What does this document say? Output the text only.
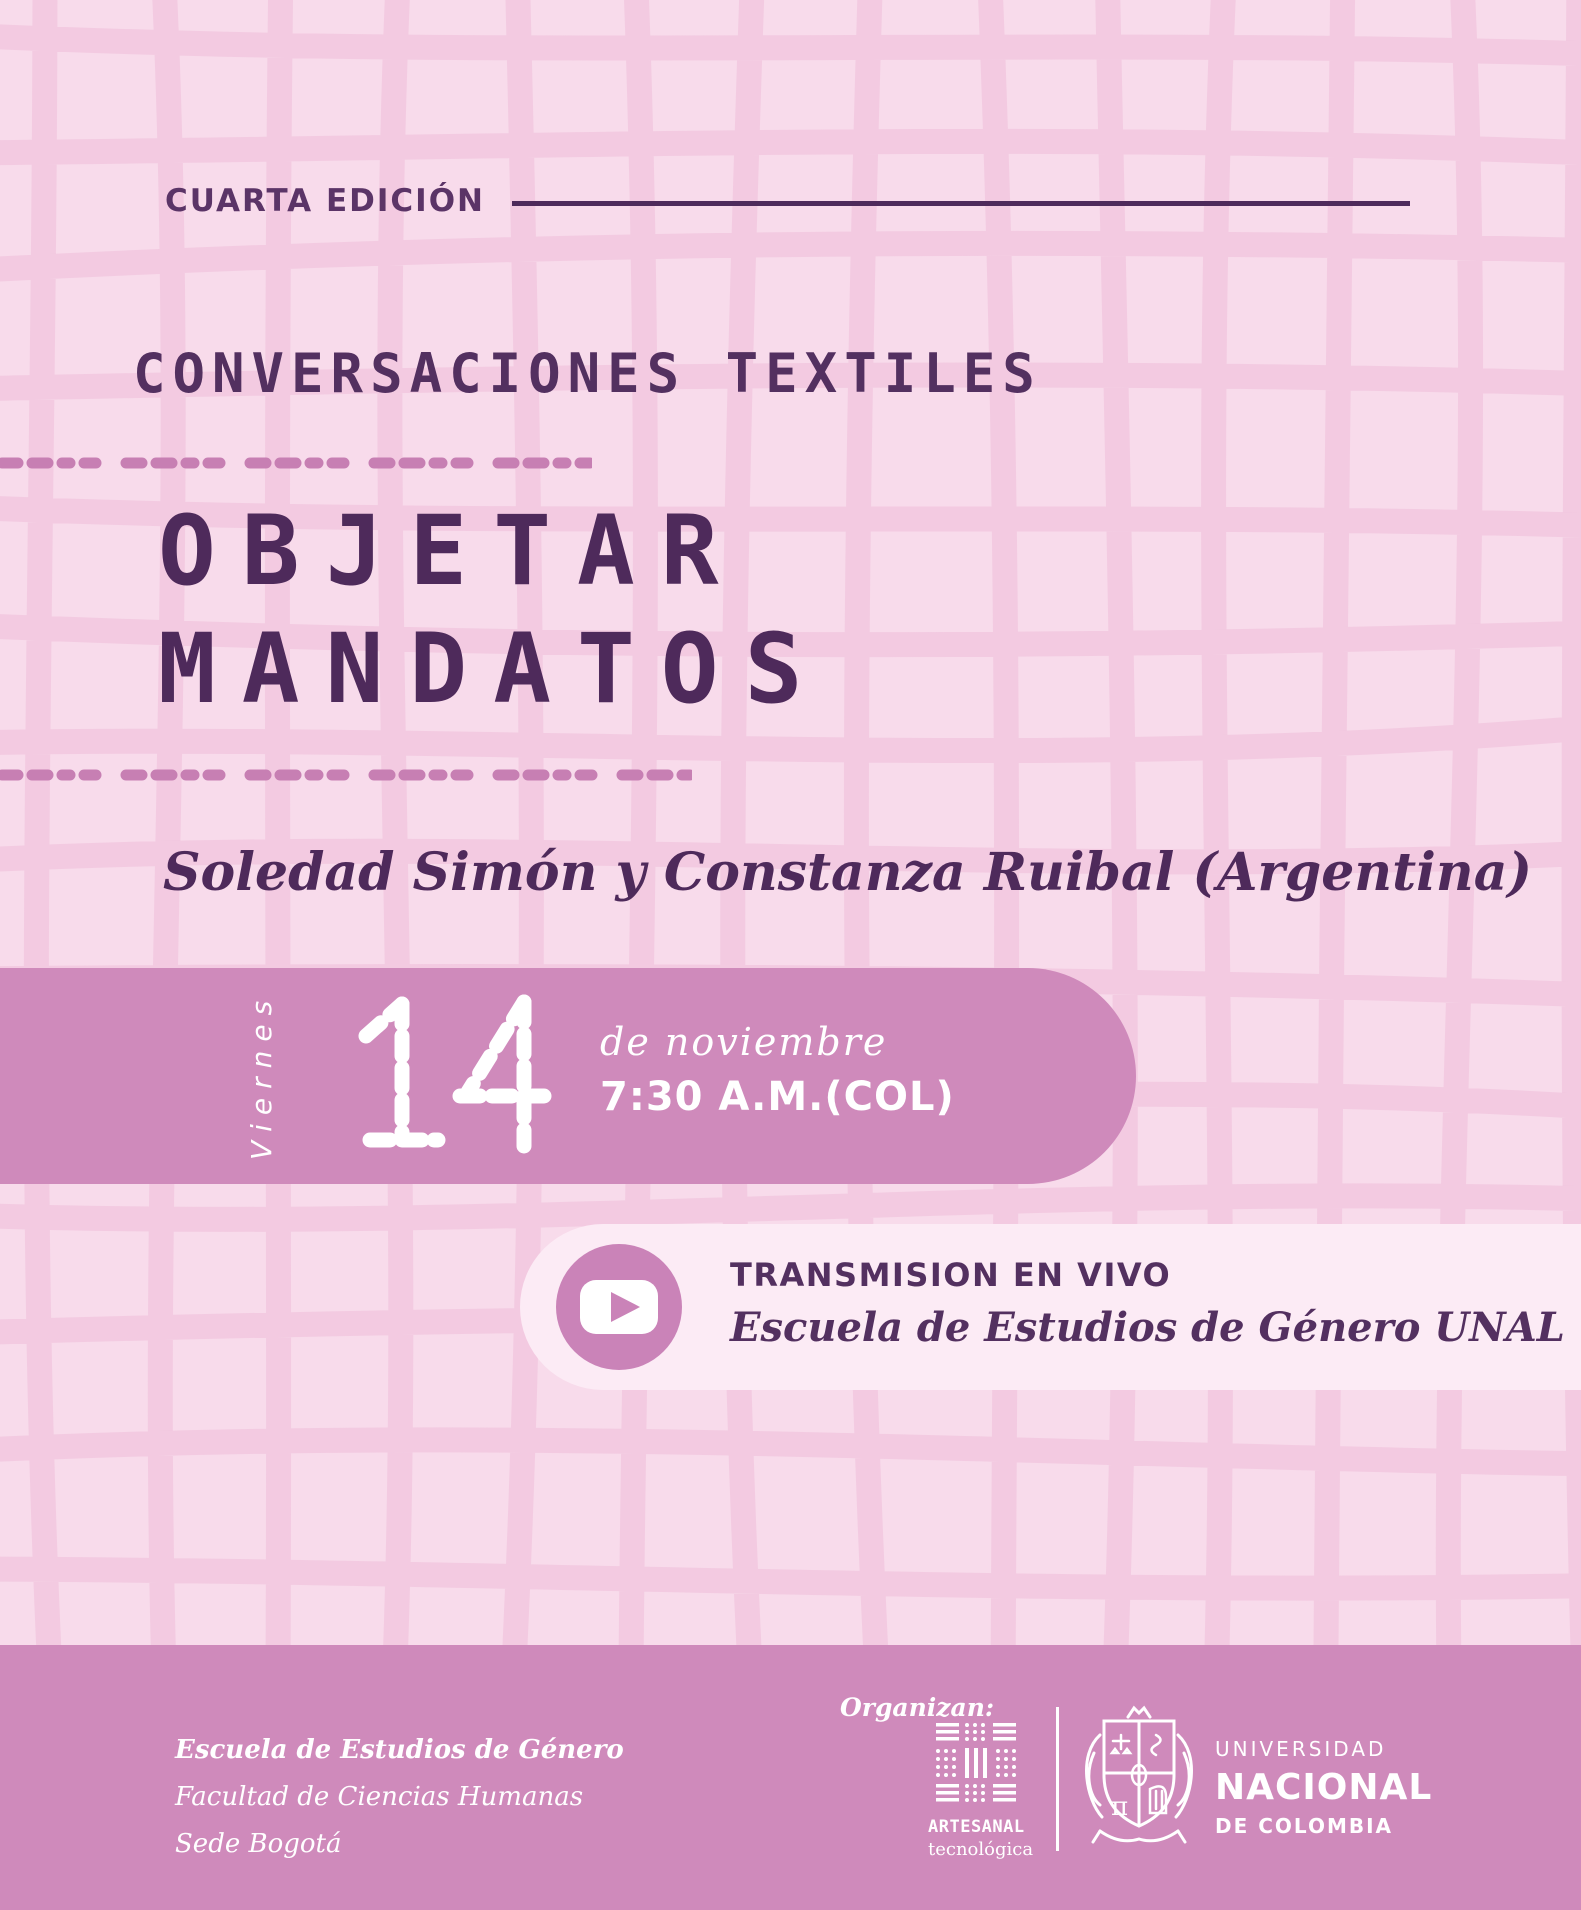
CUARTA EDICIÓN
CONVERSACIONES TEXTILES
OBJETAR
MANDATOS
Soledad Simón y Constanza Ruibal (Argentina)
Viernes	de noviembre
7:30 A.M.(COL)
TRANSMISION EN VIVO
Escuela de Estudios de Género UNAL
Escuela de Estudios de Género
Facultad de Ciencias Humanas
Sede Bogotá
Organizan:
ARTESANAL
tecnológica
π
UNIVERSIDAD
NACIONAL
DE COLOMBIA
